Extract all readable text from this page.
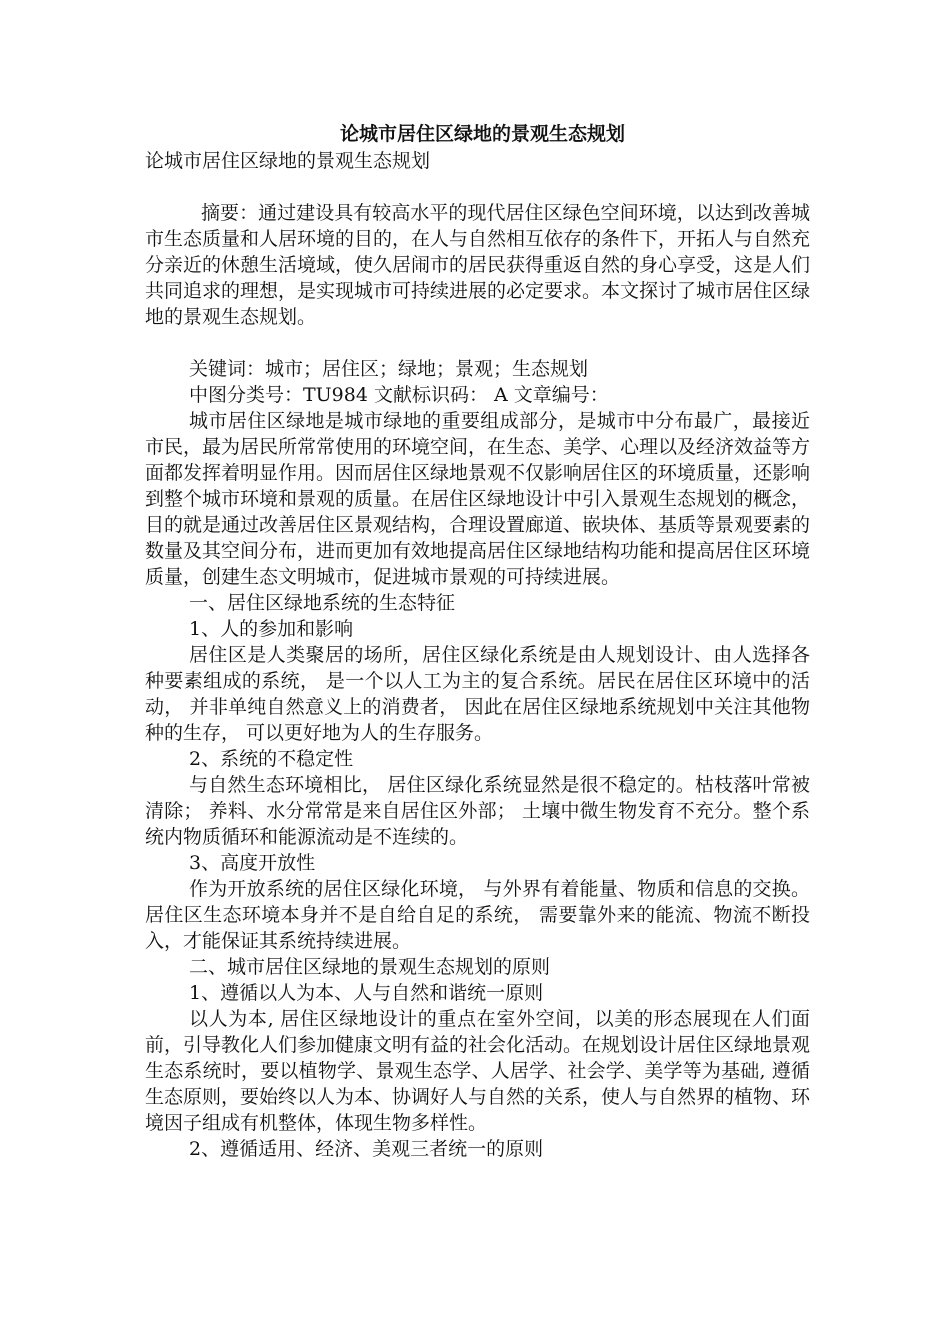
论城市居住区绿地的景观生态规划

论城市居住区绿地的景观生态规划

摘要：通过建设具有较高水平的现代居住区绿色空间环境，以达到改善城市生态质量和人居环境的目的，在人与自然相互依存的条件下，开拓人与自然充分亲近的休憩生活境域，使久居闹市的居民获得重返自然的身心享受，这是人们共同追求的理想，是实现城市可持续进展的必定要求。本文探讨了城市居住区绿地的景观生态规划。

关键词：城市；居住区；绿地；景观；生态规划

中图分类号：TU984 文献标识码： A 文章编号：

城市居住区绿地是城市绿地的重要组成部分，是城市中分布最广，最接近市民，最为居民所常常使用的环境空间，在生态、美学、心理以及经济效益等方面都发挥着明显作用。因而居住区绿地景观不仅影响居住区的环境质量，还影响到整个城市环境和景观的质量。在居住区绿地设计中引入景观生态规划的概念，目的就是通过改善居住区景观结构，合理设置廊道、嵌块体、基质等景观要素的数量及其空间分布，进而更加有效地提高居住区绿地结构功能和提高居住区环境质量，创建生态文明城市，促进城市景观的可持续进展。

一、居住区绿地系统的生态特征

1、人的参加和影响

居住区是人类聚居的场所，居住区绿化系统是由人规划设计、由人选择各种要素组成的系统， 是一个以人工为主的复合系统。居民在居住区环境中的活动， 并非单纯自然意义上的消费者， 因此在居住区绿地系统规划中关注其他物种的生存， 可以更好地为人的生存服务。

2、系统的不稳定性

与自然生态环境相比， 居住区绿化系统显然是很不稳定的。枯枝落叶常被清除； 养料、水分常常是来自居住区外部； 土壤中微生物发育不充分。整个系统内物质循环和能源流动是不连续的。

3、高度开放性

作为开放系统的居住区绿化环境， 与外界有着能量、物质和信息的交换。居住区生态环境本身并不是自给自足的系统， 需要靠外来的能流、物流不断投入，才能保证其系统持续进展。

二、城市居住区绿地的景观生态规划的原则

1、遵循以人为本、人与自然和谐统一原则

以人为本, 居住区绿地设计的重点在室外空间，以美的形态展现在人们面前，引导教化人们参加健康文明有益的社会化活动。在规划设计居住区绿地景观生态系统时，要以植物学、景观生态学、人居学、社会学、美学等为基础, 遵循生态原则，要始终以人为本、协调好人与自然的关系，使人与自然界的植物、环境因子组成有机整体，体现生物多样性。

2、遵循适用、经济、美观三者统一的原则
